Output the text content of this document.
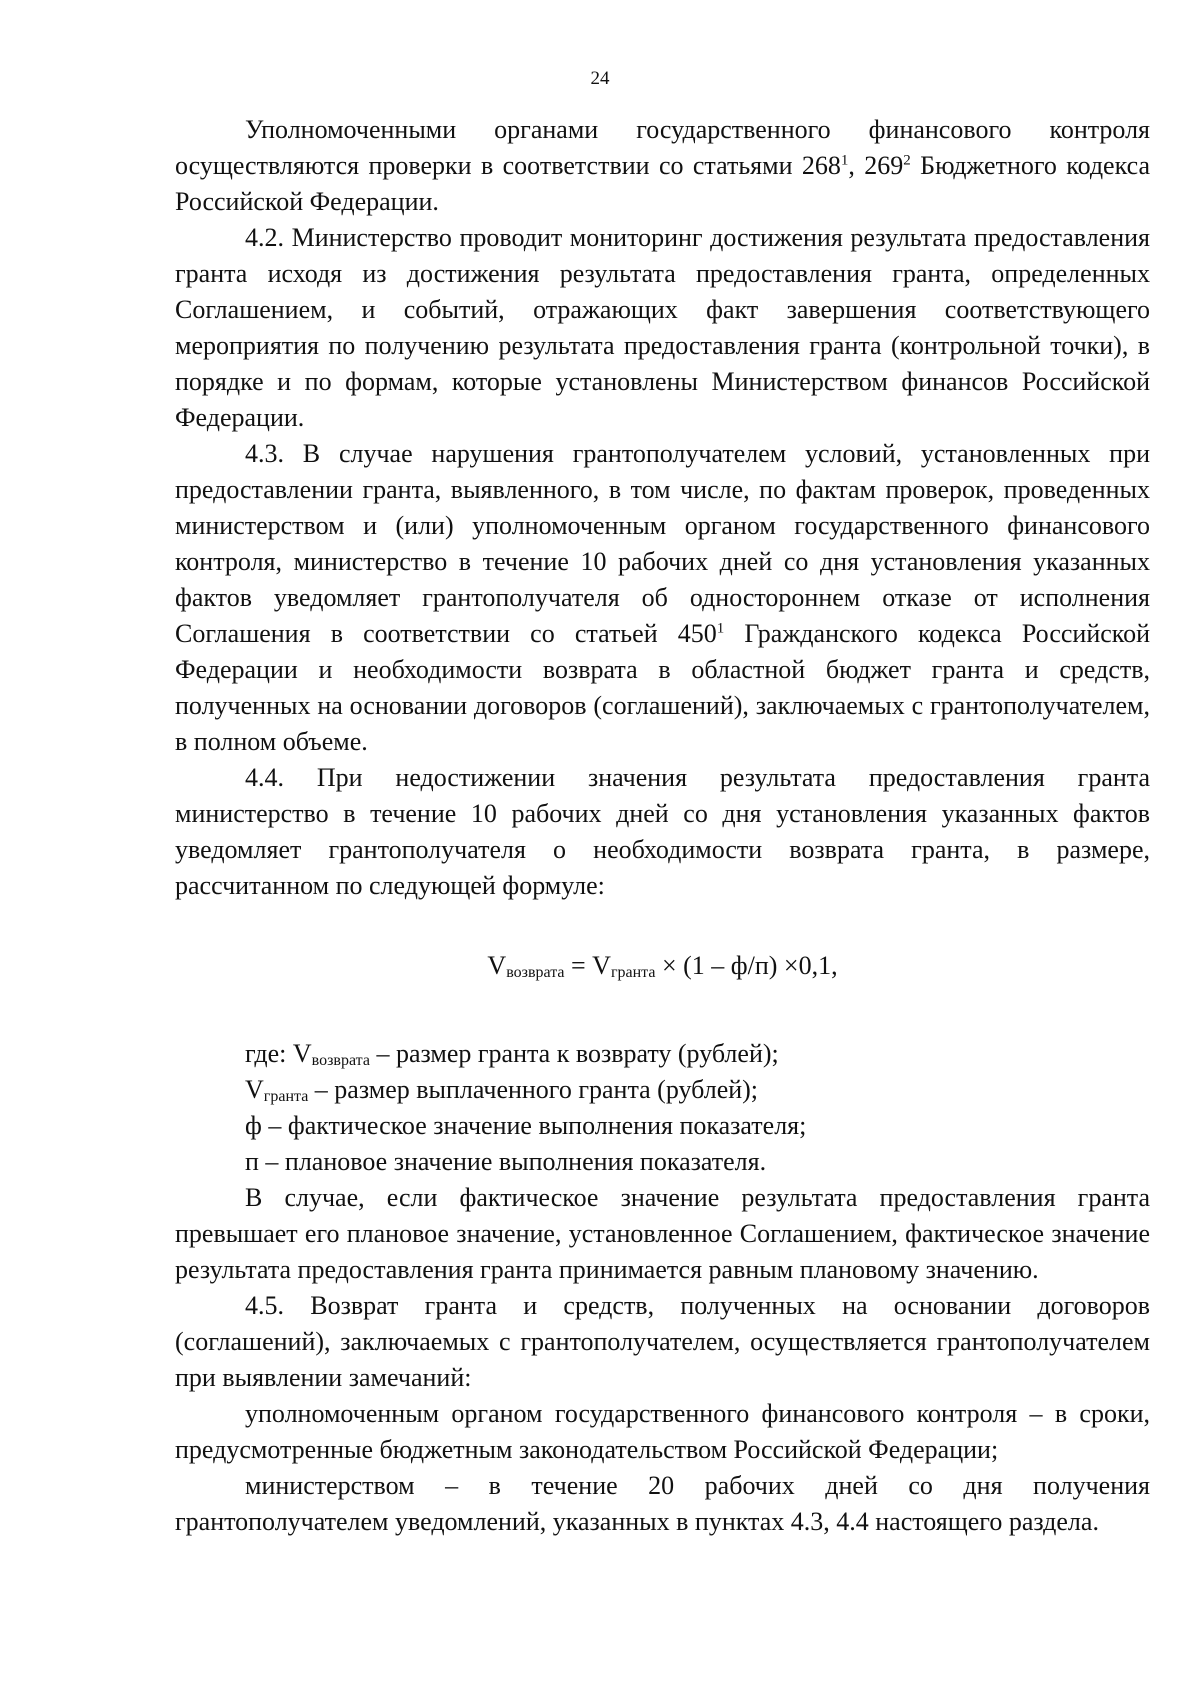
24

Уполномоченными органами государственного финансового контроля осуществляются проверки в соответствии со статьями $268^1$, $269^2$ Бюджетного кодекса Российской Федерации.

4.2. Министерство проводит мониторинг достижения результата предоставления гранта исходя из достижения результата предоставления гранта, определенных Соглашением, и событий, отражающих факт завершения соответствующего мероприятия по получению результата предоставления гранта (контрольной точки), в порядке и по формам, которые установлены Министерством финансов Российской Федерации.

4.3. В случае нарушения грантополучателем условий, установленных при предоставлении гранта, выявленного, в том числе, по фактам проверок, проведенных министерством и (или) уполномоченным органом государственного финансового контроля, министерство в течение 10 рабочих дней со дня установления указанных фактов уведомляет грантополучателя об одностороннем отказе от исполнения Соглашения в соответствии со статьей $450^1$ Гражданского кодекса Российской Федерации и необходимости возврата в областной бюджет гранта и средств, полученных на основании договоров (соглашений), заключаемых с грантополучателем, в полном объеме.

4.4. При недостижении значения результата предоставления гранта министерство в течение 10 рабочих дней со дня установления указанных фактов уведомляет грантополучателя о необходимости возврата гранта, в размере, рассчитанном по следующей формуле:

$V_{возврата} = V_{гранта} \times (1 - ф/п) \times 0,1$,

где: $V_{возврата}$ – размер гранта к возврату (рублей);

$V_{гранта}$ – размер выплаченного гранта (рублей);

ф – фактическое значение выполнения показателя;

п – плановое значение выполнения показателя.

В случае, если фактическое значение результата предоставления гранта превышает его плановое значение, установленное Соглашением, фактическое значение результата предоставления гранта принимается равным плановому значению.

4.5. Возврат гранта и средств, полученных на основании договоров (соглашений), заключаемых с грантополучателем, осуществляется грантополучателем при выявлении замечаний:

уполномоченным органом государственного финансового контроля – в сроки, предусмотренные бюджетным законодательством Российской Федерации;

министерством – в течение 20 рабочих дней со дня получения грантополучателем уведомлений, указанных в пунктах 4.3, 4.4 настоящего раздела.
